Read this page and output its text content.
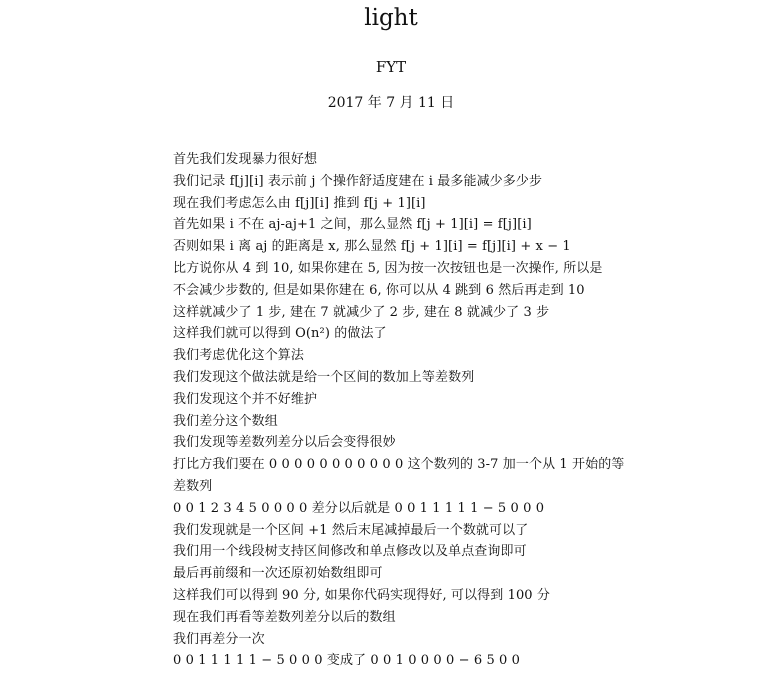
light
FYT
2017 年 7 月 11 日
首先我们发现暴力很好想
我们记录 f[j][i] 表示前 j 个操作舒适度建在 i 最多能减少多少步
现在我们考虑怎么由 f[j][i] 推到 f[j + 1][i]
首先如果 i 不在 aj-aj+1 之间，那么显然 f[j + 1][i] = f[j][i]
否则如果 i 离 aj 的距离是 x, 那么显然 f[j + 1][i] = f[j][i] + x − 1
比方说你从 4 到 10, 如果你建在 5, 因为按一次按钮也是一次操作, 所以是
不会减少步数的, 但是如果你建在 6, 你可以从 4 跳到 6 然后再走到 10
这样就减少了 1 步, 建在 7 就减少了 2 步, 建在 8 就减少了 3 步
这样我们就可以得到 O(n²) 的做法了
我们考虑优化这个算法
我们发现这个做法就是给一个区间的数加上等差数列
我们发现这个并不好维护
我们差分这个数组
我们发现等差数列差分以后会变得很妙
打比方我们要在 0 0 0 0 0 0 0 0 0 0 0 这个数列的 3-7 加一个从 1 开始的等
差数列
0 0 1 2 3 4 5 0 0 0 0 差分以后就是 0 0 1 1 1 1 1 − 5 0 0 0
我们发现就是一个区间 +1 然后末尾减掉最后一个数就可以了
我们用一个线段树支持区间修改和单点修改以及单点查询即可
最后再前缀和一次还原初始数组即可
这样我们可以得到 90 分, 如果你代码实现得好, 可以得到 100 分
现在我们再看等差数列差分以后的数组
我们再差分一次
0 0 1 1 1 1 1 − 5 0 0 0 变成了 0 0 1 0 0 0 0 − 6 5 0 0
